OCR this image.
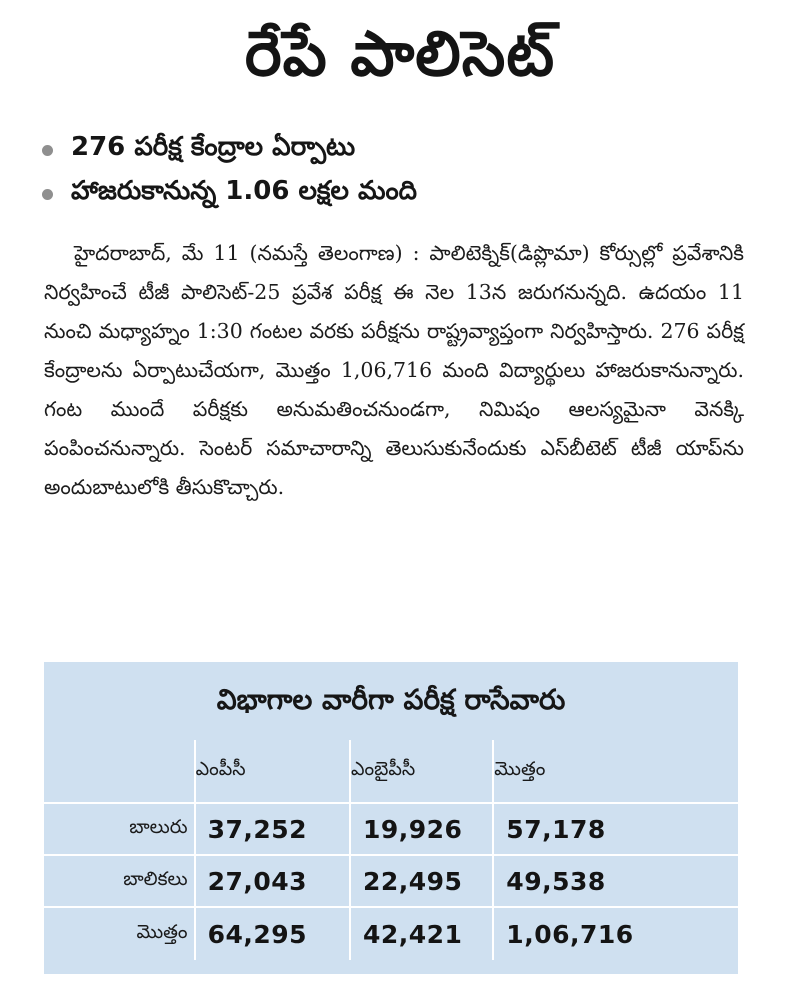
రేపే పాలిసెట్
276 పరీక్ష కేంద్రాల ఏర్పాటు
హాజరుకానున్న 1.06 లక్షల మంది
హైదరాబాద్, మే 11 (నమస్తే తెలంగాణ) : పాలిటెక్నిక్(డిప్లొమా) కోర్సుల్లో ప్రవేశానికి నిర్వహించే టీజీ పాలిసెట్-25 ప్రవేశ పరీక్ష ఈ నెల 13న జరుగనున్నది. ఉదయం 11 నుంచి మధ్యాహ్నం 1:30 గంటల వరకు పరీక్షను రాష్ట్రవ్యాప్తంగా నిర్వహిస్తారు. 276 పరీక్ష కేంద్రాలను ఏర్పాటుచేయగా, మొత్తం 1,06,716 మంది విద్యార్థులు హాజరుకానున్నారు. గంట ముందే పరీక్షకు అనుమతించనుండగా, నిమిషం ఆలస్యమైనా వెనక్కి పంపించనున్నారు. సెంటర్ సమాచారాన్ని తెలుసుకునేందుకు ఎస్‌బీటెట్ టీజీ యాప్‌ను అందుబాటులోకి తీసుకొచ్చారు.
విభాగాల వారీగా పరీక్ష రాసేవారు
	ఎంపీసీ	ఎంబైపీసీ	మొత్తం
బాలురు	37,252	19,926	57,178
బాలికలు	27,043	22,495	49,538
మొత్తం	64,295	42,421	1,06,716
